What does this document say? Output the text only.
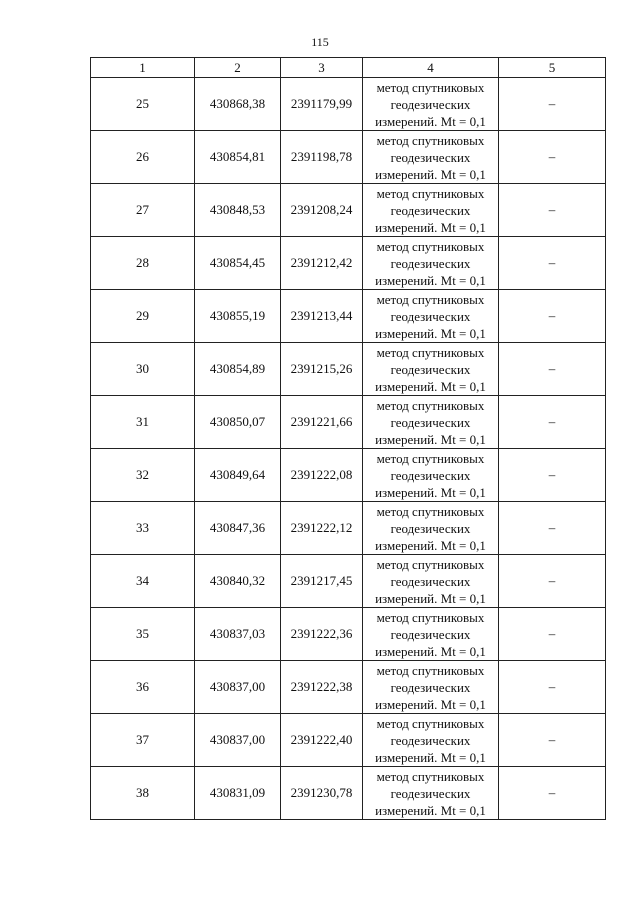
115
1	2	3	4	5
25	430868,38	2391179,99	метод спутниковых геодезических измерений. Mt = 0,1	–
26	430854,81	2391198,78	метод спутниковых геодезических измерений. Mt = 0,1	–
27	430848,53	2391208,24	метод спутниковых геодезических измерений. Mt = 0,1	–
28	430854,45	2391212,42	метод спутниковых геодезических измерений. Mt = 0,1	–
29	430855,19	2391213,44	метод спутниковых геодезических измерений. Mt = 0,1	–
30	430854,89	2391215,26	метод спутниковых геодезических измерений. Mt = 0,1	–
31	430850,07	2391221,66	метод спутниковых геодезических измерений. Mt = 0,1	–
32	430849,64	2391222,08	метод спутниковых геодезических измерений. Mt = 0,1	–
33	430847,36	2391222,12	метод спутниковых геодезических измерений. Mt = 0,1	–
34	430840,32	2391217,45	метод спутниковых геодезических измерений. Mt = 0,1	–
35	430837,03	2391222,36	метод спутниковых геодезических измерений. Mt = 0,1	–
36	430837,00	2391222,38	метод спутниковых геодезических измерений. Mt = 0,1	–
37	430837,00	2391222,40	метод спутниковых геодезических измерений. Mt = 0,1	–
38	430831,09	2391230,78	метод спутниковых геодезических измерений. Mt = 0,1	–
